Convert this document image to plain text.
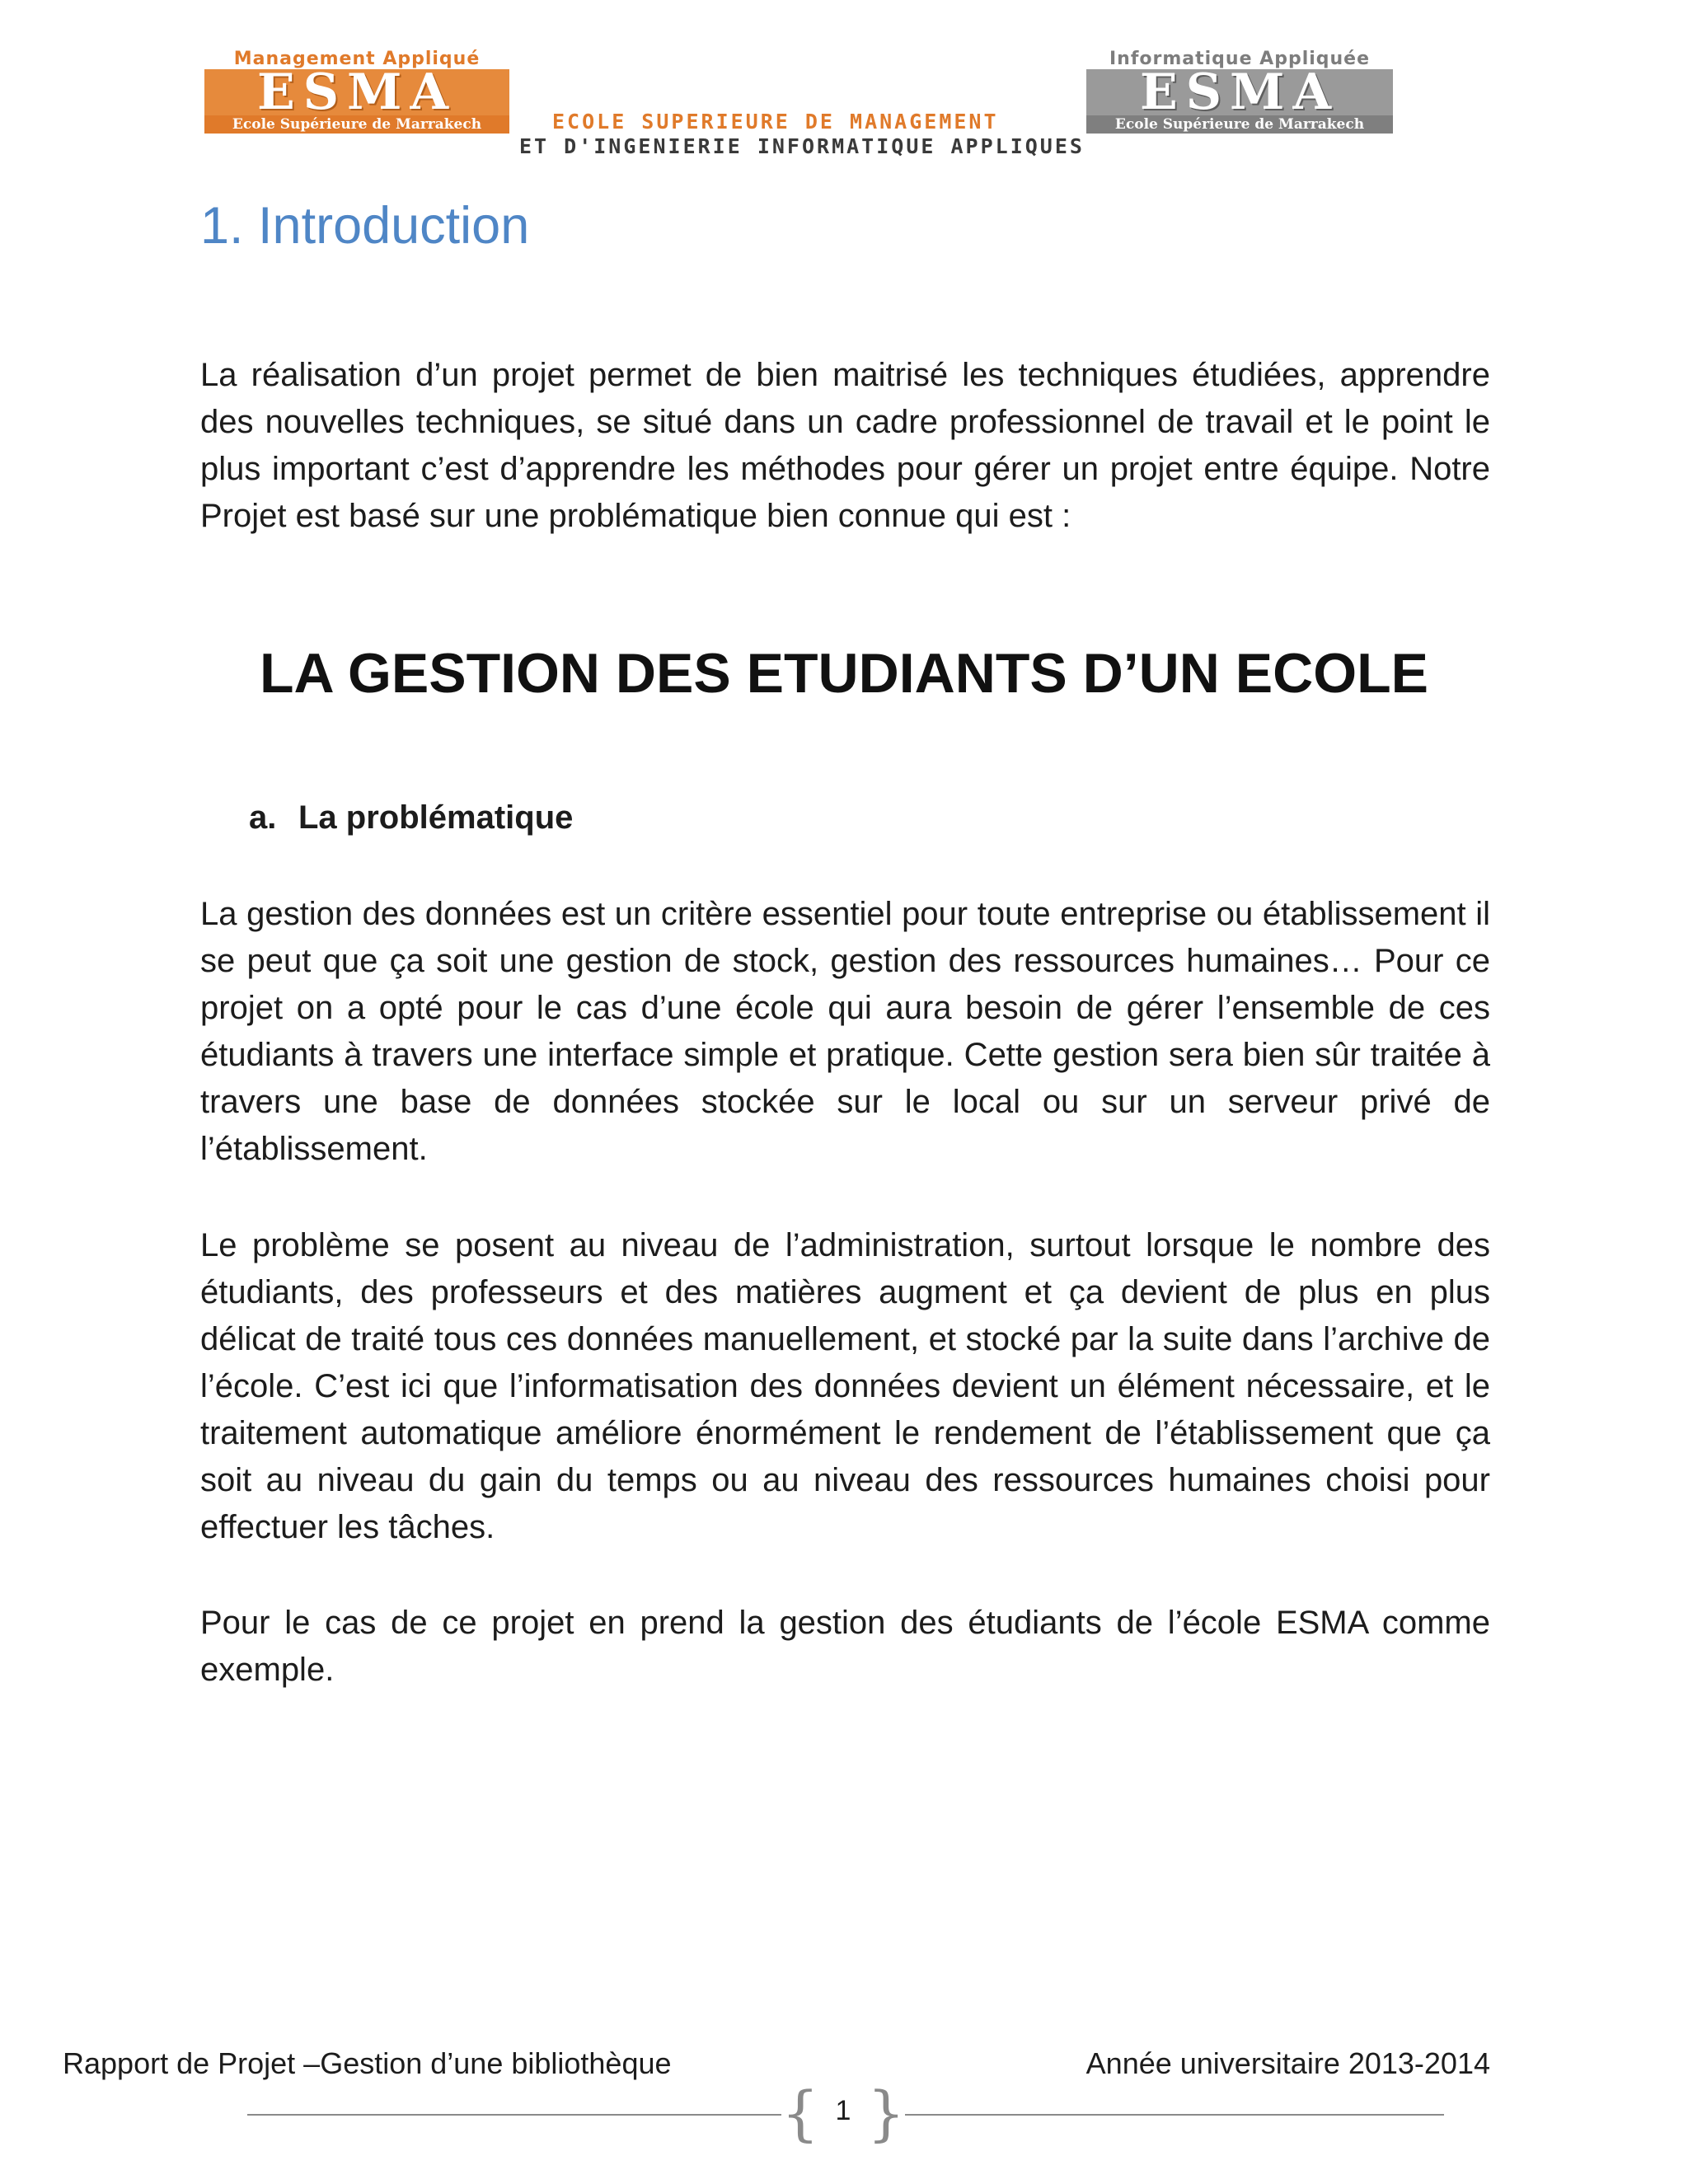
Management Appliqué
ESMA
Ecole Supérieure de Marrakech
Informatique Appliquée
ESMA
Ecole Supérieure de Marrakech
ECOLE SUPERIEURE DE MANAGEMENT
ET D'INGENIERIE INFORMATIQUE APPLIQUES
1. Introduction

La réalisation d’un projet permet de bien maitrisé les techniques étudiées, apprendre des nouvelles techniques, se situé dans un cadre professionnel de travail et le point le plus important c’est d’apprendre les méthodes pour gérer un projet entre équipe. Notre Projet est basé sur une problématique bien connue qui est :

LA GESTION DES ETUDIANTS D’UN ECOLE
a. La problématique

La gestion des données est un critère essentiel pour toute entreprise ou établissement il se peut que ça soit une gestion de stock, gestion des ressources humaines… Pour ce projet on a opté pour le cas d’une école qui aura besoin de gérer l’ensemble de ces étudiants à travers une interface simple et pratique. Cette gestion sera bien sûr traitée à travers une base de données stockée sur le local ou sur un serveur privé de l’établissement.

Le problème se posent au niveau de l’administration, surtout lorsque le nombre des étudiants, des professeurs et des matières augment et ça devient de plus en plus délicat de traité tous ces données manuellement, et stocké par la suite dans l’archive de l’école. C’est ici que l’informatisation des données devient un élément nécessaire, et le traitement automatique améliore énormément le rendement de l’établissement que ça soit au niveau du gain du temps ou au niveau des ressources humaines choisi pour effectuer les tâches.

Pour le cas de ce projet en prend la gestion des étudiants de l’école ESMA comme exemple.

Rapport de Projet –Gestion d’une bibliothèque	Année universitaire 2013-2014
{ 1 }
